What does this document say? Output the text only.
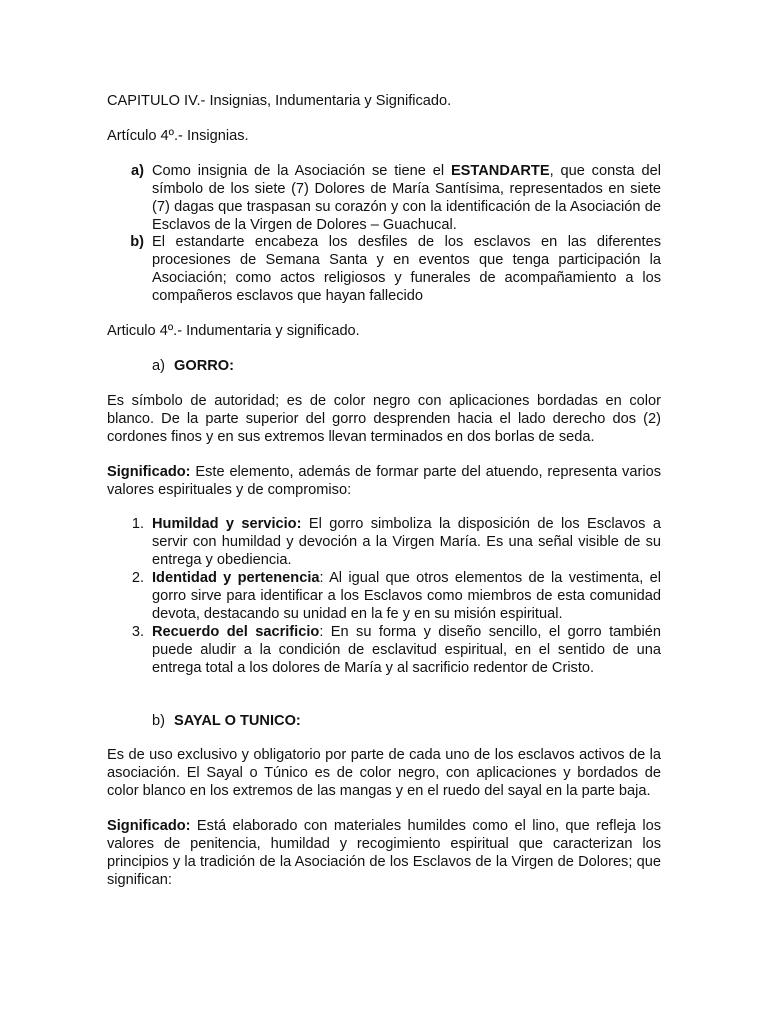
CAPITULO IV.- Insignias, Indumentaria y Significado.

Artículo 4º.- Insignias.

a) Como insignia de la Asociación se tiene el ESTANDARTE, que consta del símbolo de los siete (7) Dolores de María Santísima, representados en siete (7) dagas que traspasan su corazón y con la identificación de la Asociación de Esclavos de la Virgen de Dolores – Guachucal.
b) El estandarte encabeza los desfiles de los esclavos en las diferentes procesiones de Semana Santa y en eventos que tenga participación la Asociación; como actos religiosos y funerales de acompañamiento a los compañeros esclavos que hayan fallecido

Articulo 4º.- Indumentaria y significado.

a) GORRO:

Es símbolo de autoridad; es de color negro con aplicaciones bordadas en color blanco. De la parte superior del gorro desprenden hacia el lado derecho dos (2) cordones finos y en sus extremos llevan terminados en dos borlas de seda.

Significado: Este elemento, además de formar parte del atuendo, representa varios valores espirituales y de compromiso:

1. Humildad y servicio: El gorro simboliza la disposición de los Esclavos a servir con humildad y devoción a la Virgen María. Es una señal visible de su entrega y obediencia.
2. Identidad y pertenencia: Al igual que otros elementos de la vestimenta, el gorro sirve para identificar a los Esclavos como miembros de esta comunidad devota, destacando su unidad en la fe y en su misión espiritual.
3. Recuerdo del sacrificio: En su forma y diseño sencillo, el gorro también puede aludir a la condición de esclavitud espiritual, en el sentido de una entrega total a los dolores de María y al sacrificio redentor de Cristo.

b) SAYAL O TUNICO:

Es de uso exclusivo y obligatorio por parte de cada uno de los esclavos activos de la asociación. El Sayal o Túnico es de color negro, con aplicaciones y bordados de color blanco en los extremos de las mangas y en el ruedo del sayal en la parte baja.

Significado: Está elaborado con materiales humildes como el lino, que refleja los valores de penitencia, humildad y recogimiento espiritual que caracterizan los principios y la tradición de la Asociación de los Esclavos de la Virgen de Dolores; que significan:
